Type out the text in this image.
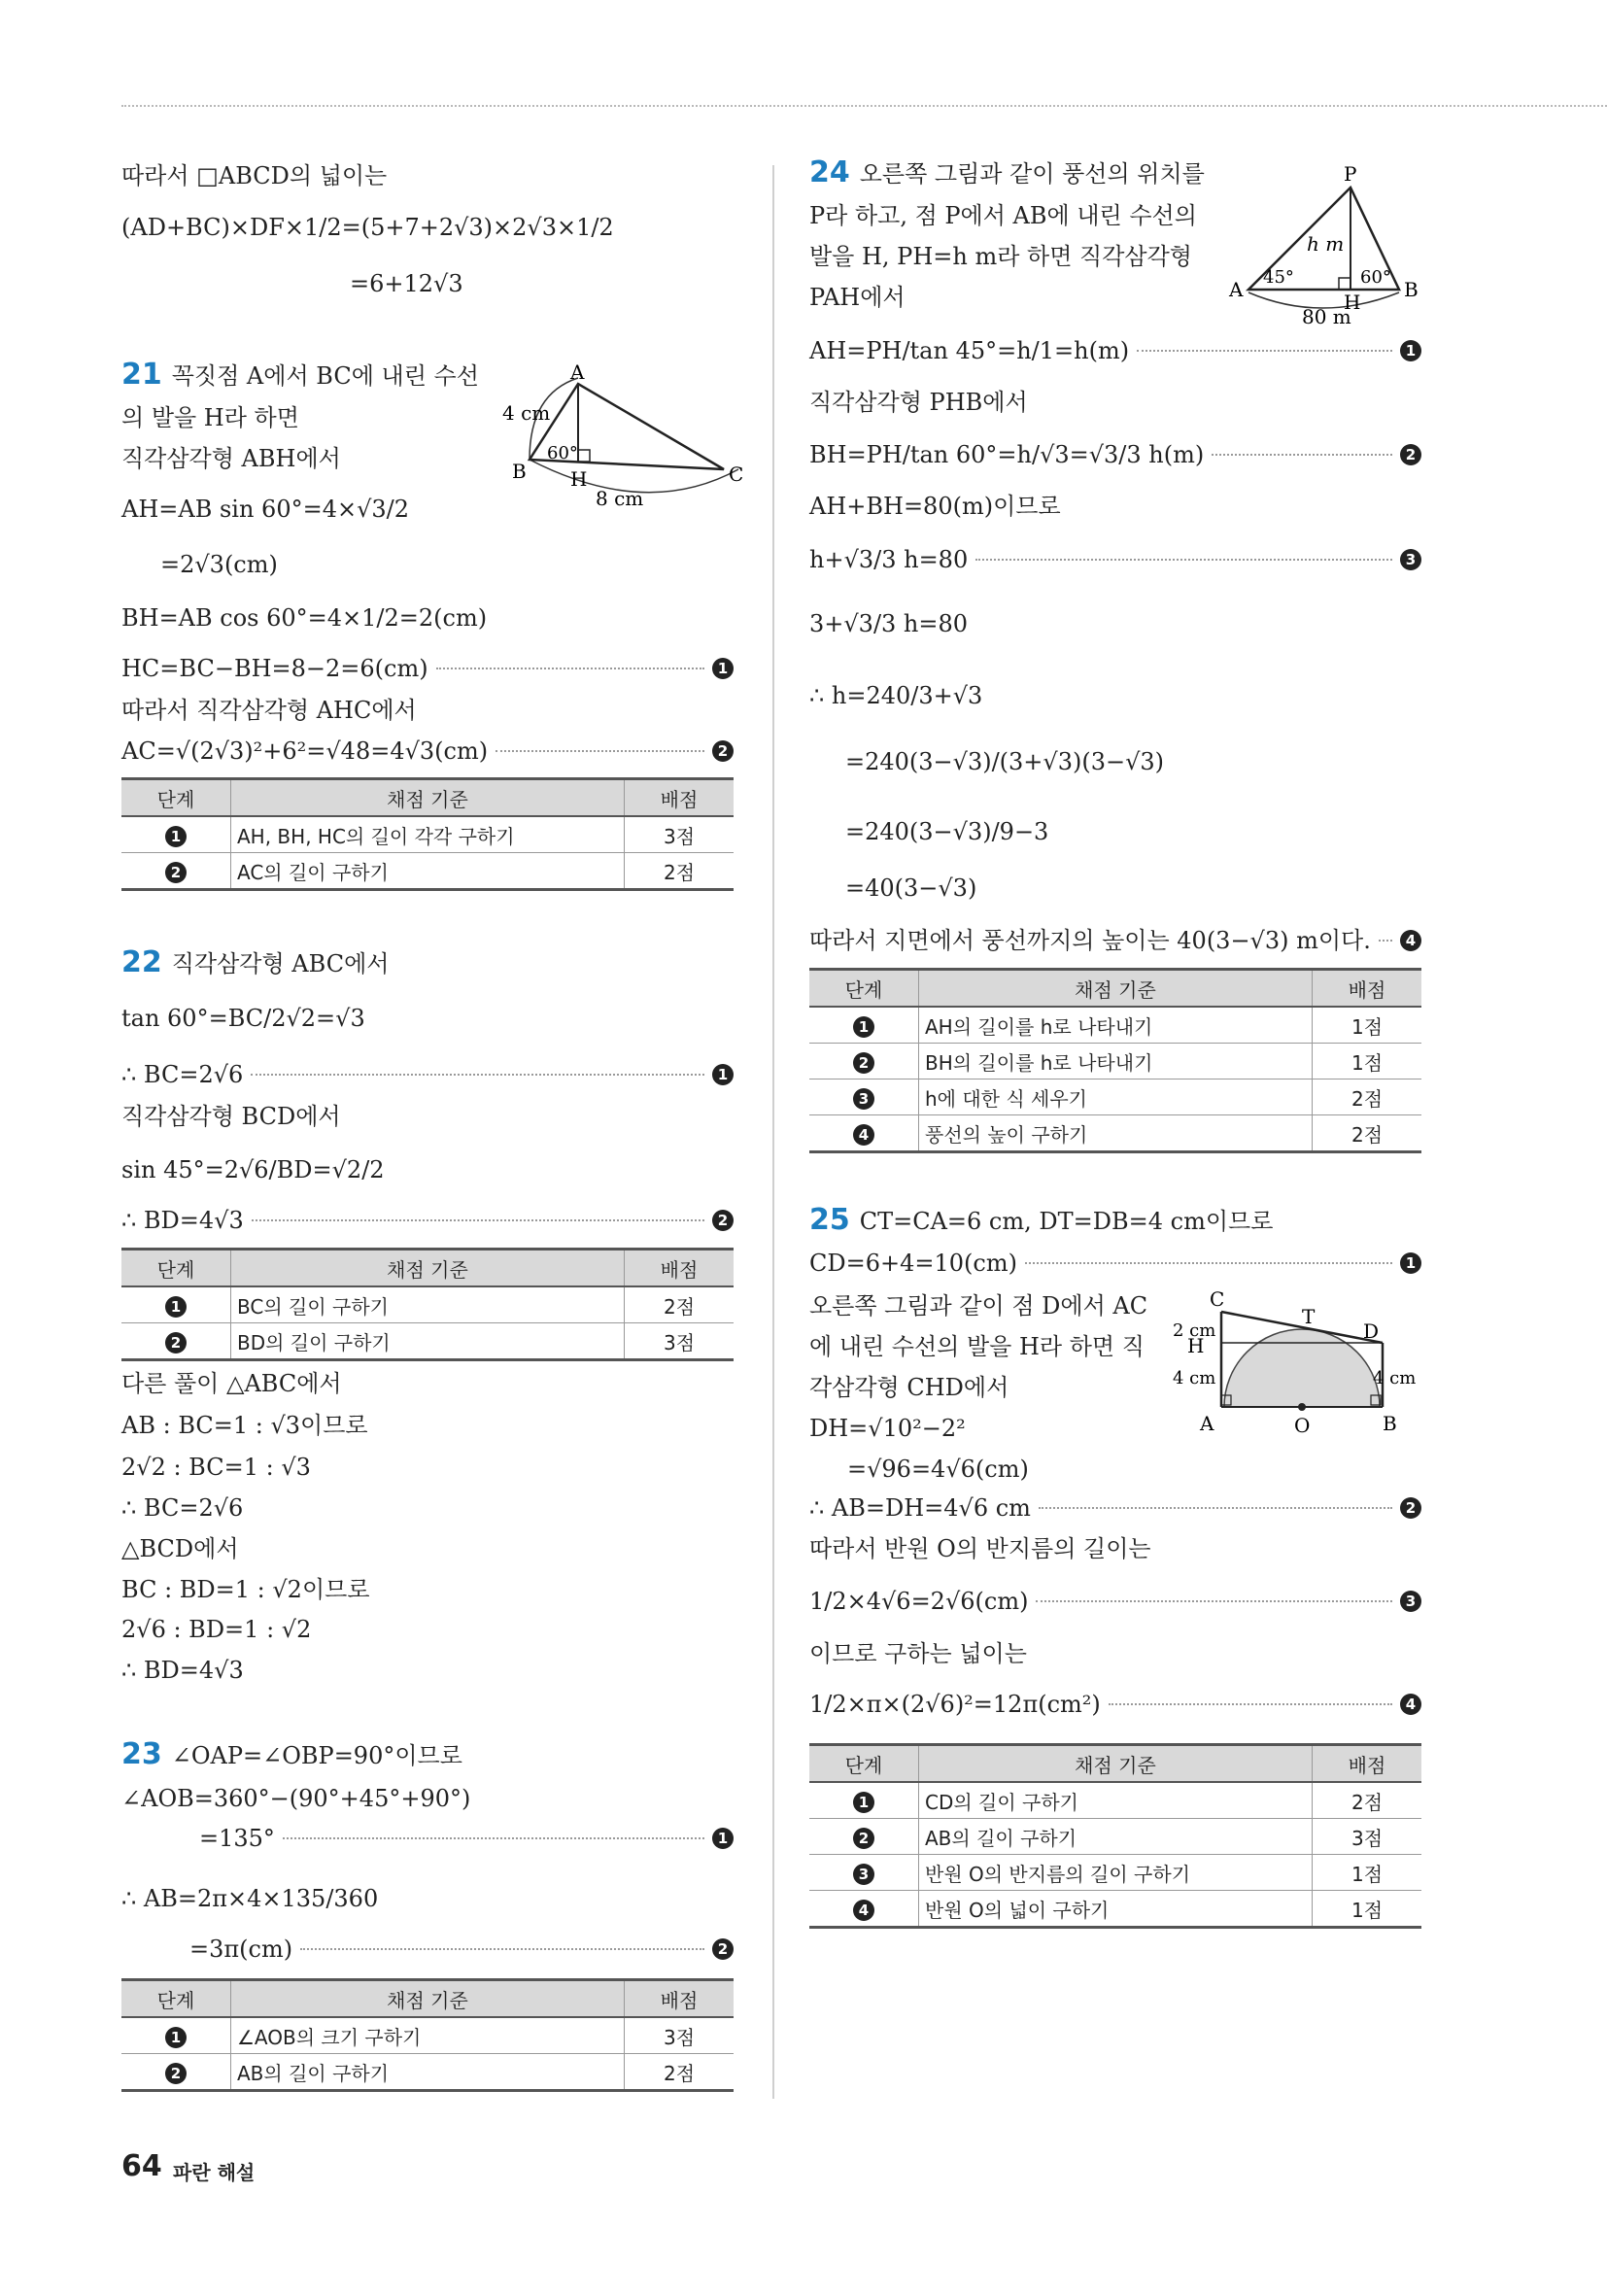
따라서 □ABCD의 넓이는
(AD+BC)×DF×1/2=(5+7+2√3)×2√3×1/2
=6+12√3
21 꼭짓점 A에서 BC에 내린 수선
의 발을 H라 하면
직각삼각형 ABH에서
AH=AB sin 60°=4×√3/2
=2√3(cm)
BH=AB cos 60°=4×1/2=2(cm)
HC=BC−BH=8−2=6(cm)	1
따라서 직각삼각형 AHC에서
AC=√(2√3)²+6²=√48=4√3(cm)	2
A
B	C
H
4 cm
60°
8 cm
단계	채점 기준	배점
1	AH, BH, HC의 길이 각각 구하기	3점
2	AC의 길이 구하기	2점
22 직각삼각형 ABC에서
tan 60°=BC/2√2=√3
∴ BC=2√6	1
직각삼각형 BCD에서
sin 45°=2√6/BD=√2/2
∴ BD=4√3	2
단계	채점 기준	배점
1	BC의 길이 구하기	2점
2	BD의 길이 구하기	3점
다른 풀이 △ABC에서
AB : BC=1 : √3이므로
2√2 : BC=1 : √3
∴ BC=2√6
△BCD에서
BC : BD=1 : √2이므로
2√6 : BD=1 : √2
∴ BD=4√3
23 ∠OAP=∠OBP=90°이므로
∠AOB=360°−(90°+45°+90°)
=135°	1
∴ AB=2π×4×135/360
=3π(cm)	2
단계	채점 기준	배점
1	∠AOB의 크기 구하기	3점
2	AB의 길이 구하기	2점
24 오른쪽 그림과 같이 풍선의 위치를
P라 하고, 점 P에서 AB에 내린 수선의
발을 H, PH=h m라 하면 직각삼각형
PAH에서
P
A	B
H
h m
45°	60°
80 m
AH=PH/tan 45°=h/1=h(m)	1
직각삼각형 PHB에서
BH=PH/tan 60°=h/√3=√3/3 h(m)	2
AH+BH=80(m)이므로
h+√3/3 h=80	3
3+√3/3 h=80
∴ h=240/3+√3
=240(3−√3)/(3+√3)(3−√3)
=240(3−√3)/9−3
=40(3−√3)
따라서 지면에서 풍선까지의 높이는 40(3−√3) m이다.	4
단계	채점 기준	배점
1	AH의 길이를 h로 나타내기	1점
2	BH의 길이를 h로 나타내기	1점
3	h에 대한 식 세우기	2점
4	풍선의 높이 구하기	2점
25 CT=CA=6 cm, DT=DB=4 cm이므로
CD=6+4=10(cm)	1
오른쪽 그림과 같이 점 D에서 AC
에 내린 수선의 발을 H라 하면 직
각삼각형 CHD에서
DH=√10²−2²
=√96=4√6(cm)
C
T
D
H
A	O	B
2 cm
4 cm	4 cm
∴ AB=DH=4√6 cm	2
따라서 반원 O의 반지름의 길이는
1/2×4√6=2√6(cm)	3
이므로 구하는 넓이는
1/2×π×(2√6)²=12π(cm²)	4
단계	채점 기준	배점
1	CD의 길이 구하기	2점
2	AB의 길이 구하기	3점
3	반원 O의 반지름의 길이 구하기	1점
4	반원 O의 넓이 구하기	1점
64 파란 해설
